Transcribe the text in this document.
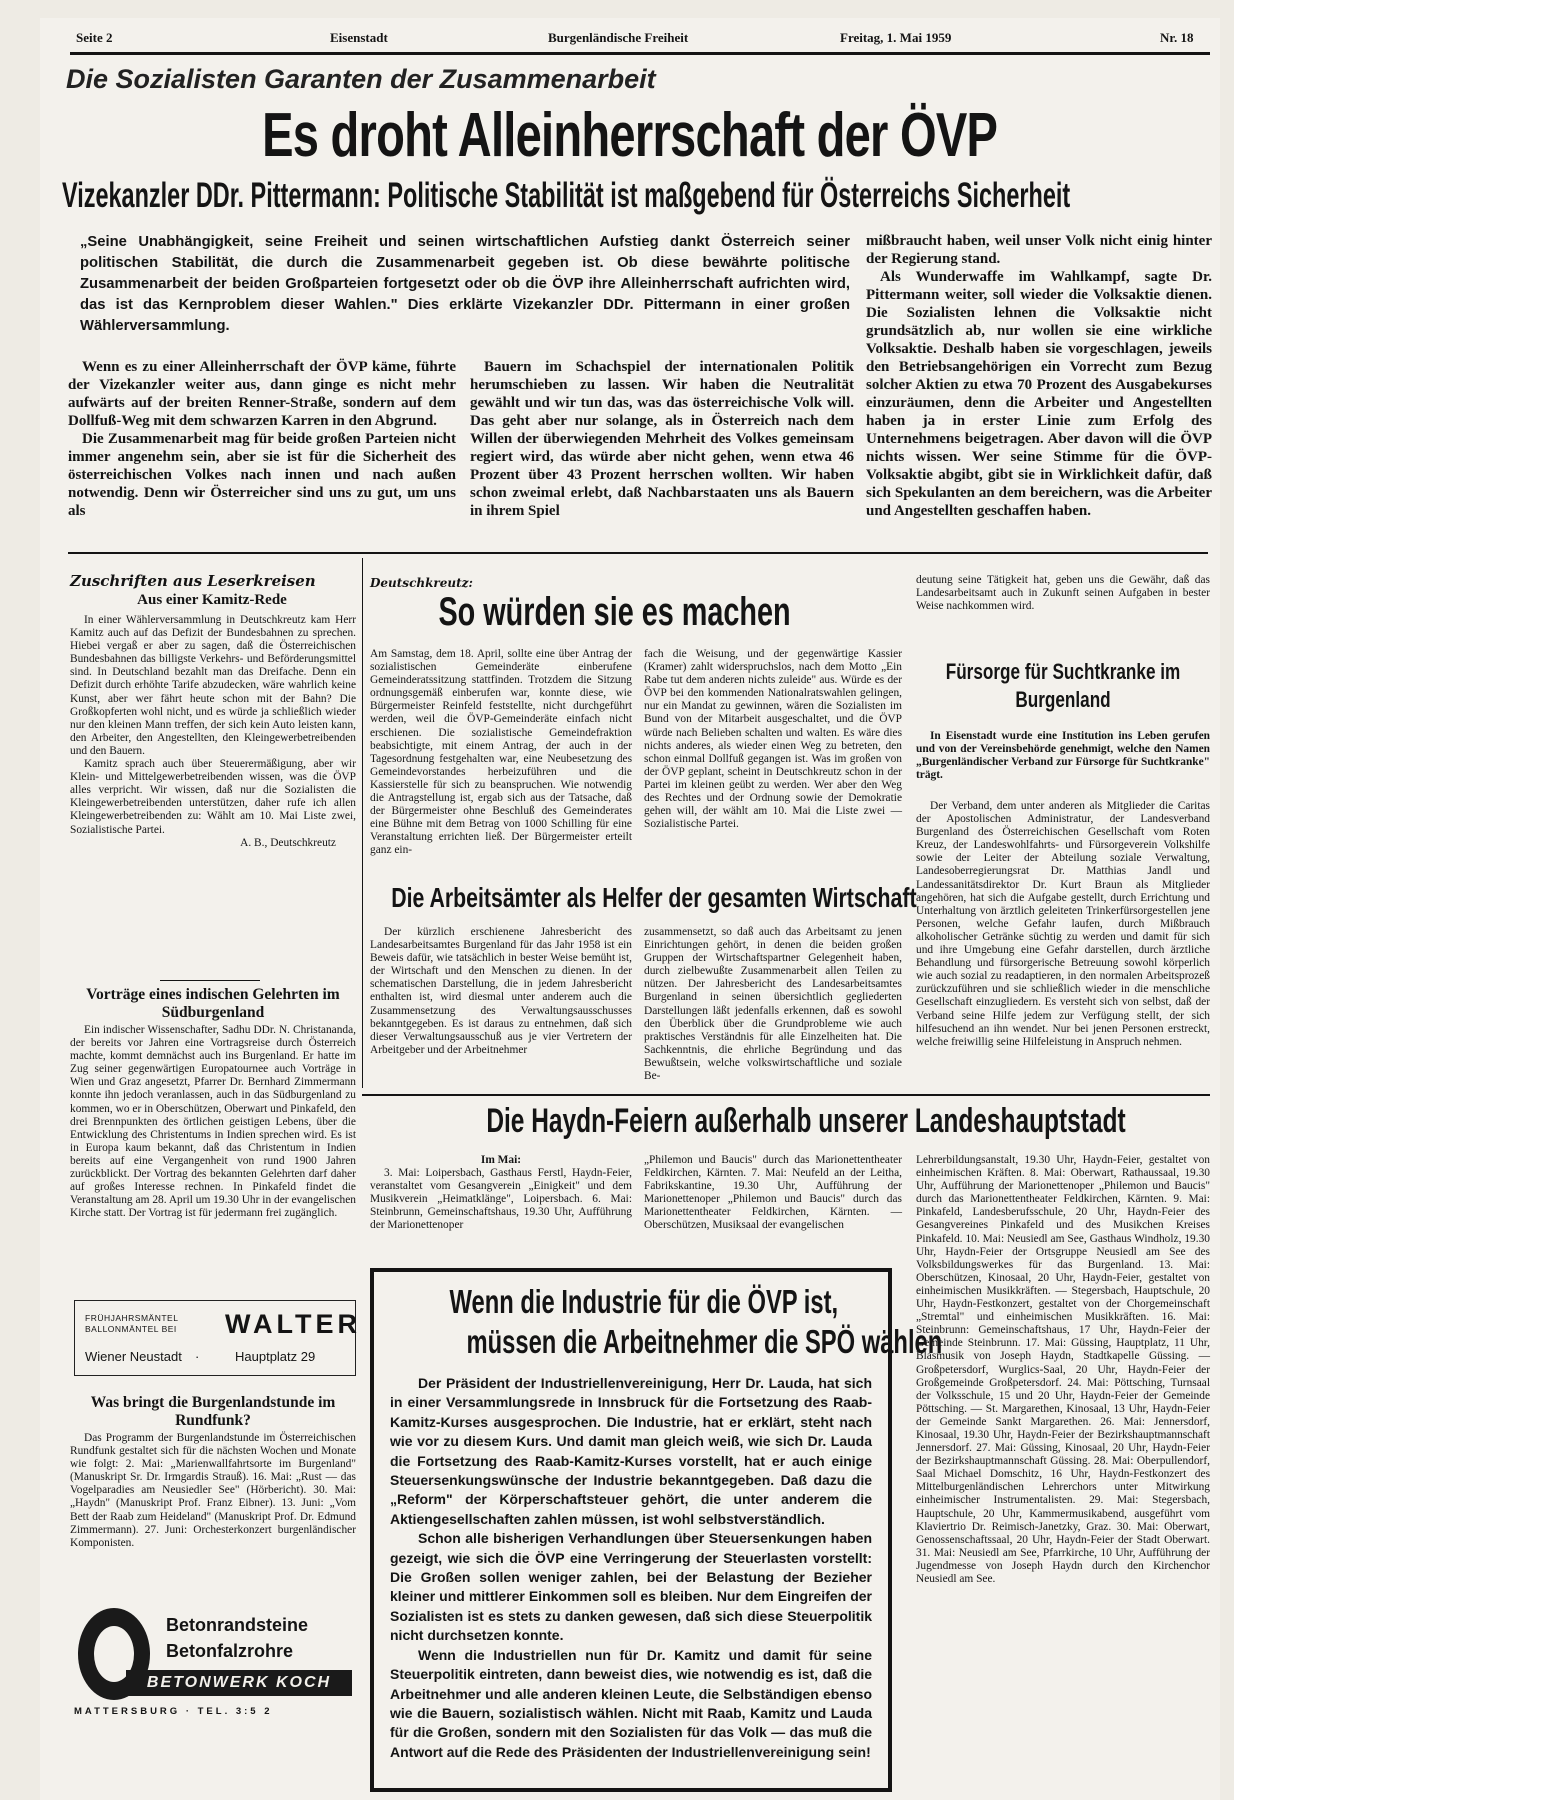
Seite 2	Eisenstadt	Burgenländische Freiheit	Freitag, 1. Mai 1959	Nr. 18
Die Sozialisten Garanten der Zusammenarbeit
Es droht Alleinherrschaft der ÖVP
Vizekanzler DDr. Pittermann: Politische Stabilität ist maßgebend für Österreichs Sicherheit
„Seine Unabhängigkeit, seine Freiheit und seinen wirtschaftlichen Aufstieg dankt Österreich seiner politischen Stabilität, die durch die Zusammenarbeit gegeben ist. Ob diese bewährte politische Zusammenarbeit der beiden Großparteien fortgesetzt oder ob die ÖVP ihre Alleinherrschaft aufrichten wird, das ist das Kernproblem dieser Wahlen." Dies erklärte Vizekanzler DDr. Pittermann in einer großen Wählerversammlung.

Wenn es zu einer Alleinherrschaft der ÖVP käme, führte der Vizekanzler weiter aus, dann ginge es nicht mehr aufwärts auf der breiten Renner-Straße, sondern auf dem Dollfuß-Weg mit dem schwarzen Karren in den Abgrund.

Die Zusammenarbeit mag für beide großen Parteien nicht immer angenehm sein, aber sie ist für die Sicherheit des österreichischen Volkes nach innen und nach außen notwendig. Denn wir Österreicher sind uns zu gut, um uns als

Bauern im Schachspiel der internationalen Politik herumschieben zu lassen. Wir haben die Neutralität gewählt und wir tun das, was das österreichische Volk will. Das geht aber nur solange, als in Österreich nach dem Willen der überwiegenden Mehrheit des Volkes gemeinsam regiert wird, das würde aber nicht gehen, wenn etwa 46 Prozent über 43 Prozent herrschen wollten. Wir haben schon zweimal erlebt, daß Nachbarstaaten uns als Bauern in ihrem Spiel

mißbraucht haben, weil unser Volk nicht einig hinter der Regierung stand.

Als Wunderwaffe im Wahlkampf, sagte Dr. Pittermann weiter, soll wieder die Volksaktie dienen. Die Sozialisten lehnen die Volksaktie nicht grundsätzlich ab, nur wollen sie eine wirkliche Volksaktie. Deshalb haben sie vorgeschlagen, jeweils den Betriebsangehörigen ein Vorrecht zum Bezug solcher Aktien zu etwa 70 Prozent des Ausgabekurses einzuräumen, denn die Arbeiter und Angestellten haben ja in erster Linie zum Erfolg des Unternehmens beigetragen. Aber davon will die ÖVP nichts wissen. Wer seine Stimme für die ÖVP-Volksaktie abgibt, gibt sie in Wirklichkeit dafür, daß sich Spekulanten an dem bereichern, was die Arbeiter und Angestellten geschaffen haben.

Zuschriften aus Leserkreisen
Aus einer Kamitz-Rede

In einer Wählerversammlung in Deutschkreutz kam Herr Kamitz auch auf das Defizit der Bundesbahnen zu sprechen. Hiebei vergaß er aber zu sagen, daß die Österreichischen Bundesbahnen das billigste Verkehrs- und Beförderungsmittel sind. In Deutschland bezahlt man das Dreifache. Denn ein Defizit durch erhöhte Tarife abzudecken, wäre wahrlich keine Kunst, aber wer fährt heute schon mit der Bahn? Die Großkopferten wohl nicht, und es würde ja schließlich wieder nur den kleinen Mann treffen, der sich kein Auto leisten kann, den Arbeiter, den Angestellten, den Kleingewerbetreibenden und den Bauern.

Kamitz sprach auch über Steuerermäßigung, aber wir Klein- und Mittelgewerbetreibenden wissen, was die ÖVP alles verpricht. Wir wissen, daß nur die Sozialisten die Kleingewerbetreibenden unterstützen, daher rufe ich allen Kleingewerbetreibenden zu: Wählt am 10. Mai Liste zwei, Sozialistische Partei.

A. B., Deutschkreutz

Vorträge eines indischen Gelehrten im Südburgenland

Ein indischer Wissenschafter, Sadhu DDr. N. Christananda, der bereits vor Jahren eine Vortragsreise durch Österreich machte, kommt demnächst auch ins Burgenland. Er hatte im Zug seiner gegenwärtigen Europatournee auch Vorträge in Wien und Graz angesetzt, Pfarrer Dr. Bernhard Zimmermann konnte ihn jedoch veranlassen, auch in das Südburgenland zu kommen, wo er in Oberschützen, Oberwart und Pinkafeld, den drei Brennpunkten des örtlichen geistigen Lebens, über die Entwicklung des Christentums in Indien sprechen wird. Es ist in Europa kaum bekannt, daß das Christentum in Indien bereits auf eine Vergangenheit von rund 1900 Jahren zurückblickt. Der Vortrag des bekannten Gelehrten darf daher auf großes Interesse rechnen. In Pinkafeld findet die Veranstaltung am 28. April um 19.30 Uhr in der evangelischen Kirche statt. Der Vortrag ist für jedermann frei zugänglich.

FRÜHJAHRSMÄNTEL
BALLONMÄNTEL BEI WALTER
Wiener Neustadt ·	Hauptplatz 29
Was bringt die Burgenlandstunde im Rundfunk?

Das Programm der Burgenlandstunde im Österreichischen Rundfunk gestaltet sich für die nächsten Wochen und Monate wie folgt: 2. Mai: „Marienwallfahrtsorte im Burgenland" (Manuskript Sr. Dr. Irmgardis Strauß). 16. Mai: „Rust — das Vogelparadies am Neusiedler See" (Hörbericht). 30. Mai: „Haydn" (Manuskript Prof. Franz Eibner). 13. Juni: „Vom Bett der Raab zum Heideland" (Manuskript Prof. Dr. Edmund Zimmermann). 27. Juni: Orchesterkonzert burgenländischer Komponisten.

Betonrandsteine
Betonfalzrohre
BETONWERK KOCH
MATTERSBURG · TEL. 3:5 2
Deutschkreutz:
So würden sie es machen

Am Samstag, dem 18. April, sollte eine über Antrag der sozialistischen Gemeinderäte einberufene Gemeinderatssitzung stattfinden. Trotzdem die Sitzung ordnungsgemäß einberufen war, konnte diese, wie Bürgermeister Reinfeld feststellte, nicht durchgeführt werden, weil die ÖVP-Gemeinderäte einfach nicht erschienen. Die sozialistische Gemeindefraktion beabsichtigte, mit einem Antrag, der auch in der Tagesordnung festgehalten war, eine Neubesetzung des Gemeindevorstandes herbeizuführen und die Kassierstelle für sich zu beanspruchen. Wie notwendig die Antragstellung ist, ergab sich aus der Tatsache, daß der Bürgermeister ohne Beschluß des Gemeinderates eine Bühne mit dem Betrag von 1000 Schilling für eine Veranstaltung errichten ließ. Der Bürgermeister erteilt ganz ein-

fach die Weisung, und der gegenwärtige Kassier (Kramer) zahlt widerspruchslos, nach dem Motto „Ein Rabe tut dem anderen nichts zuleide" aus. Würde es der ÖVP bei den kommenden Nationalratswahlen gelingen, nur ein Mandat zu gewinnen, wären die Sozialisten im Bund von der Mitarbeit ausgeschaltet, und die ÖVP würde nach Belieben schalten und walten. Es wäre dies nichts anderes, als wieder einen Weg zu betreten, den schon einmal Dollfuß gegangen ist. Was im großen von der ÖVP geplant, scheint in Deutschkreutz schon in der Partei im kleinen geübt zu werden. Wer aber den Weg des Rechtes und der Ordnung sowie der Demokratie gehen will, der wählt am 10. Mai die Liste zwei — Sozialistische Partei.

deutung seine Tätigkeit hat, geben uns die Gewähr, daß das Landesarbeitsamt auch in Zukunft seinen Aufgaben in bester Weise nachkommen wird.

Die Arbeitsämter als Helfer der gesamten Wirtschaft

Der kürzlich erschienene Jahresbericht des Landesarbeitsamtes Burgenland für das Jahr 1958 ist ein Beweis dafür, wie tatsächlich in bester Weise bemüht ist, der Wirtschaft und den Menschen zu dienen. In der schematischen Darstellung, die in jedem Jahresbericht enthalten ist, wird diesmal unter anderem auch die Zusammensetzung des Verwaltungsausschusses bekanntgegeben. Es ist daraus zu entnehmen, daß sich dieser Verwaltungsausschuß aus je vier Vertretern der Arbeitgeber und der Arbeitnehmer

zusammensetzt, so daß auch das Arbeitsamt zu jenen Einrichtungen gehört, in denen die beiden großen Gruppen der Wirtschaftspartner Gelegenheit haben, durch zielbewußte Zusammenarbeit allen Teilen zu nützen. Der Jahresbericht des Landesarbeitsamtes Burgenland in seinen übersichtlich gegliederten Darstellungen läßt jedenfalls erkennen, daß es sowohl den Überblick über die Grundprobleme wie auch praktisches Verständnis für alle Einzelheiten hat. Die Sachkenntnis, die ehrliche Begründung und das Bewußtsein, welche volkswirtschaftliche und soziale Be-

Fürsorge für Suchtkranke im Burgenland

In Eisenstadt wurde eine Institution ins Leben gerufen und von der Vereinsbehörde genehmigt, welche den Namen „Burgenländischer Verband zur Fürsorge für Suchtkranke" trägt.

Der Verband, dem unter anderen als Mitglieder die Caritas der Apostolischen Administratur, der Landesverband Burgenland des Österreichischen Gesellschaft vom Roten Kreuz, der Landeswohlfahrts- und Fürsorgeverein Volkshilfe sowie der Leiter der Abteilung soziale Verwaltung, Landesoberregierungsrat Dr. Matthias Jandl und Landessanitätsdirektor Dr. Kurt Braun als Mitglieder angehören, hat sich die Aufgabe gestellt, durch Errichtung und Unterhaltung von ärztlich geleiteten Trinkerfürsorgestellen jene Personen, welche Gefahr laufen, durch Mißbrauch alkoholischer Getränke süchtig zu werden und damit für sich und ihre Umgebung eine Gefahr darstellen, durch ärztliche Behandlung und fürsorgerische Betreuung sowohl körperlich wie auch sozial zu readaptieren, in den normalen Arbeitsprozeß zurückzuführen und sie schließlich wieder in die menschliche Gesellschaft einzugliedern. Es versteht sich von selbst, daß der Verband seine Hilfe jedem zur Verfügung stellt, der sich hilfesuchend an ihn wendet. Nur bei jenen Personen erstreckt, welche freiwillig seine Hilfeleistung in Anspruch nehmen.

Die Haydn-Feiern außerhalb unserer Landeshauptstadt

Im Mai:

3. Mai: Loipersbach, Gasthaus Ferstl, Haydn-Feier, veranstaltet vom Gesangverein „Einigkeit" und dem Musikverein „Heimatklänge", Loipersbach. 6. Mai: Steinbrunn, Gemeinschaftshaus, 19.30 Uhr, Aufführung der Marionettenoper

„Philemon und Baucis" durch das Marionettentheater Feldkirchen, Kärnten. 7. Mai: Neufeld an der Leitha, Fabrikskantine, 19.30 Uhr, Aufführung der Marionettenoper „Philemon und Baucis" durch das Marionettentheater Feldkirchen, Kärnten. — Oberschützen, Musiksaal der evangelischen

Lehrerbildungsanstalt, 19.30 Uhr, Haydn-Feier, gestaltet von einheimischen Kräften. 8. Mai: Oberwart, Rathaussaal, 19.30 Uhr, Aufführung der Marionettenoper „Philemon und Baucis" durch das Marionettentheater Feldkirchen, Kärnten. 9. Mai: Pinkafeld, Landesberufsschule, 20 Uhr, Haydn-Feier des Gesangvereines Pinkafeld und des Musikchen Kreises Pinkafeld. 10. Mai: Neusiedl am See, Gasthaus Windholz, 19.30 Uhr, Haydn-Feier der Ortsgruppe Neusiedl am See des Volksbildungswerkes für das Burgenland. 13. Mai: Oberschützen, Kinosaal, 20 Uhr, Haydn-Feier, gestaltet von einheimischen Musikkräften. — Stegersbach, Hauptschule, 20 Uhr, Haydn-Festkonzert, gestaltet von der Chorgemeinschaft „Stremtal" und einheimischen Musikkräften. 16. Mai: Steinbrunn: Gemeinschaftshaus, 17 Uhr, Haydn-Feier der Gemeinde Steinbrunn. 17. Mai: Güssing, Hauptplatz, 11 Uhr, Blasmusik von Joseph Haydn, Stadtkapelle Güssing. — Großpetersdorf, Wurglics-Saal, 20 Uhr, Haydn-Feier der Großgemeinde Großpetersdorf. 24. Mai: Pöttsching, Turnsaal der Volksschule, 15 und 20 Uhr, Haydn-Feier der Gemeinde Pöttsching. — St. Margarethen, Kinosaal, 13 Uhr, Haydn-Feier der Gemeinde Sankt Margarethen. 26. Mai: Jennersdorf, Kinosaal, 19.30 Uhr, Haydn-Feier der Bezirkshauptmannschaft Jennersdorf. 27. Mai: Güssing, Kinosaal, 20 Uhr, Haydn-Feier der Bezirkshauptmannschaft Güssing. 28. Mai: Oberpullendorf, Saal Michael Domschitz, 16 Uhr, Haydn-Festkonzert des Mittelburgenländischen Lehrerchors unter Mitwirkung einheimischer Instrumentalisten. 29. Mai: Stegersbach, Hauptschule, 20 Uhr, Kammermusikabend, ausgeführt vom Klaviertrio Dr. Reimisch-Janetzky, Graz. 30. Mai: Oberwart, Genossenschaftssaal, 20 Uhr, Haydn-Feier der Stadt Oberwart. 31. Mai: Neusiedl am See, Pfarrkirche, 10 Uhr, Aufführung der Jugendmesse von Joseph Haydn durch den Kirchenchor Neusiedl am See.

Wenn die Industrie für die ÖVP ist,
müssen die Arbeitnehmer die SPÖ wählen

Der Präsident der Industriellenvereinigung, Herr Dr. Lauda, hat sich in einer Versammlungsrede in Innsbruck für die Fortsetzung des Raab-Kamitz-Kurses ausgesprochen. Die Industrie, hat er erklärt, steht nach wie vor zu diesem Kurs. Und damit man gleich weiß, wie sich Dr. Lauda die Fortsetzung des Raab-Kamitz-Kurses vorstellt, hat er auch einige Steuersenkungswünsche der Industrie bekanntgegeben. Daß dazu die „Reform" der Körperschaftsteuer gehört, die unter anderem die Aktiengesellschaften zahlen müssen, ist wohl selbstverständlich.

Schon alle bisherigen Verhandlungen über Steuersenkungen haben gezeigt, wie sich die ÖVP eine Verringerung der Steuerlasten vorstellt: Die Großen sollen weniger zahlen, bei der Belastung der Bezieher kleiner und mittlerer Einkommen soll es bleiben. Nur dem Eingreifen der Sozialisten ist es stets zu danken gewesen, daß sich diese Steuerpolitik nicht durchsetzen konnte.

Wenn die Industriellen nun für Dr. Kamitz und damit für seine Steuerpolitik eintreten, dann beweist dies, wie notwendig es ist, daß die Arbeitnehmer und alle anderen kleinen Leute, die Selbständigen ebenso wie die Bauern, sozialistisch wählen. Nicht mit Raab, Kamitz und Lauda für die Großen, sondern mit den Sozialisten für das Volk — das muß die Antwort auf die Rede des Präsidenten der Industriellenvereinigung sein!
